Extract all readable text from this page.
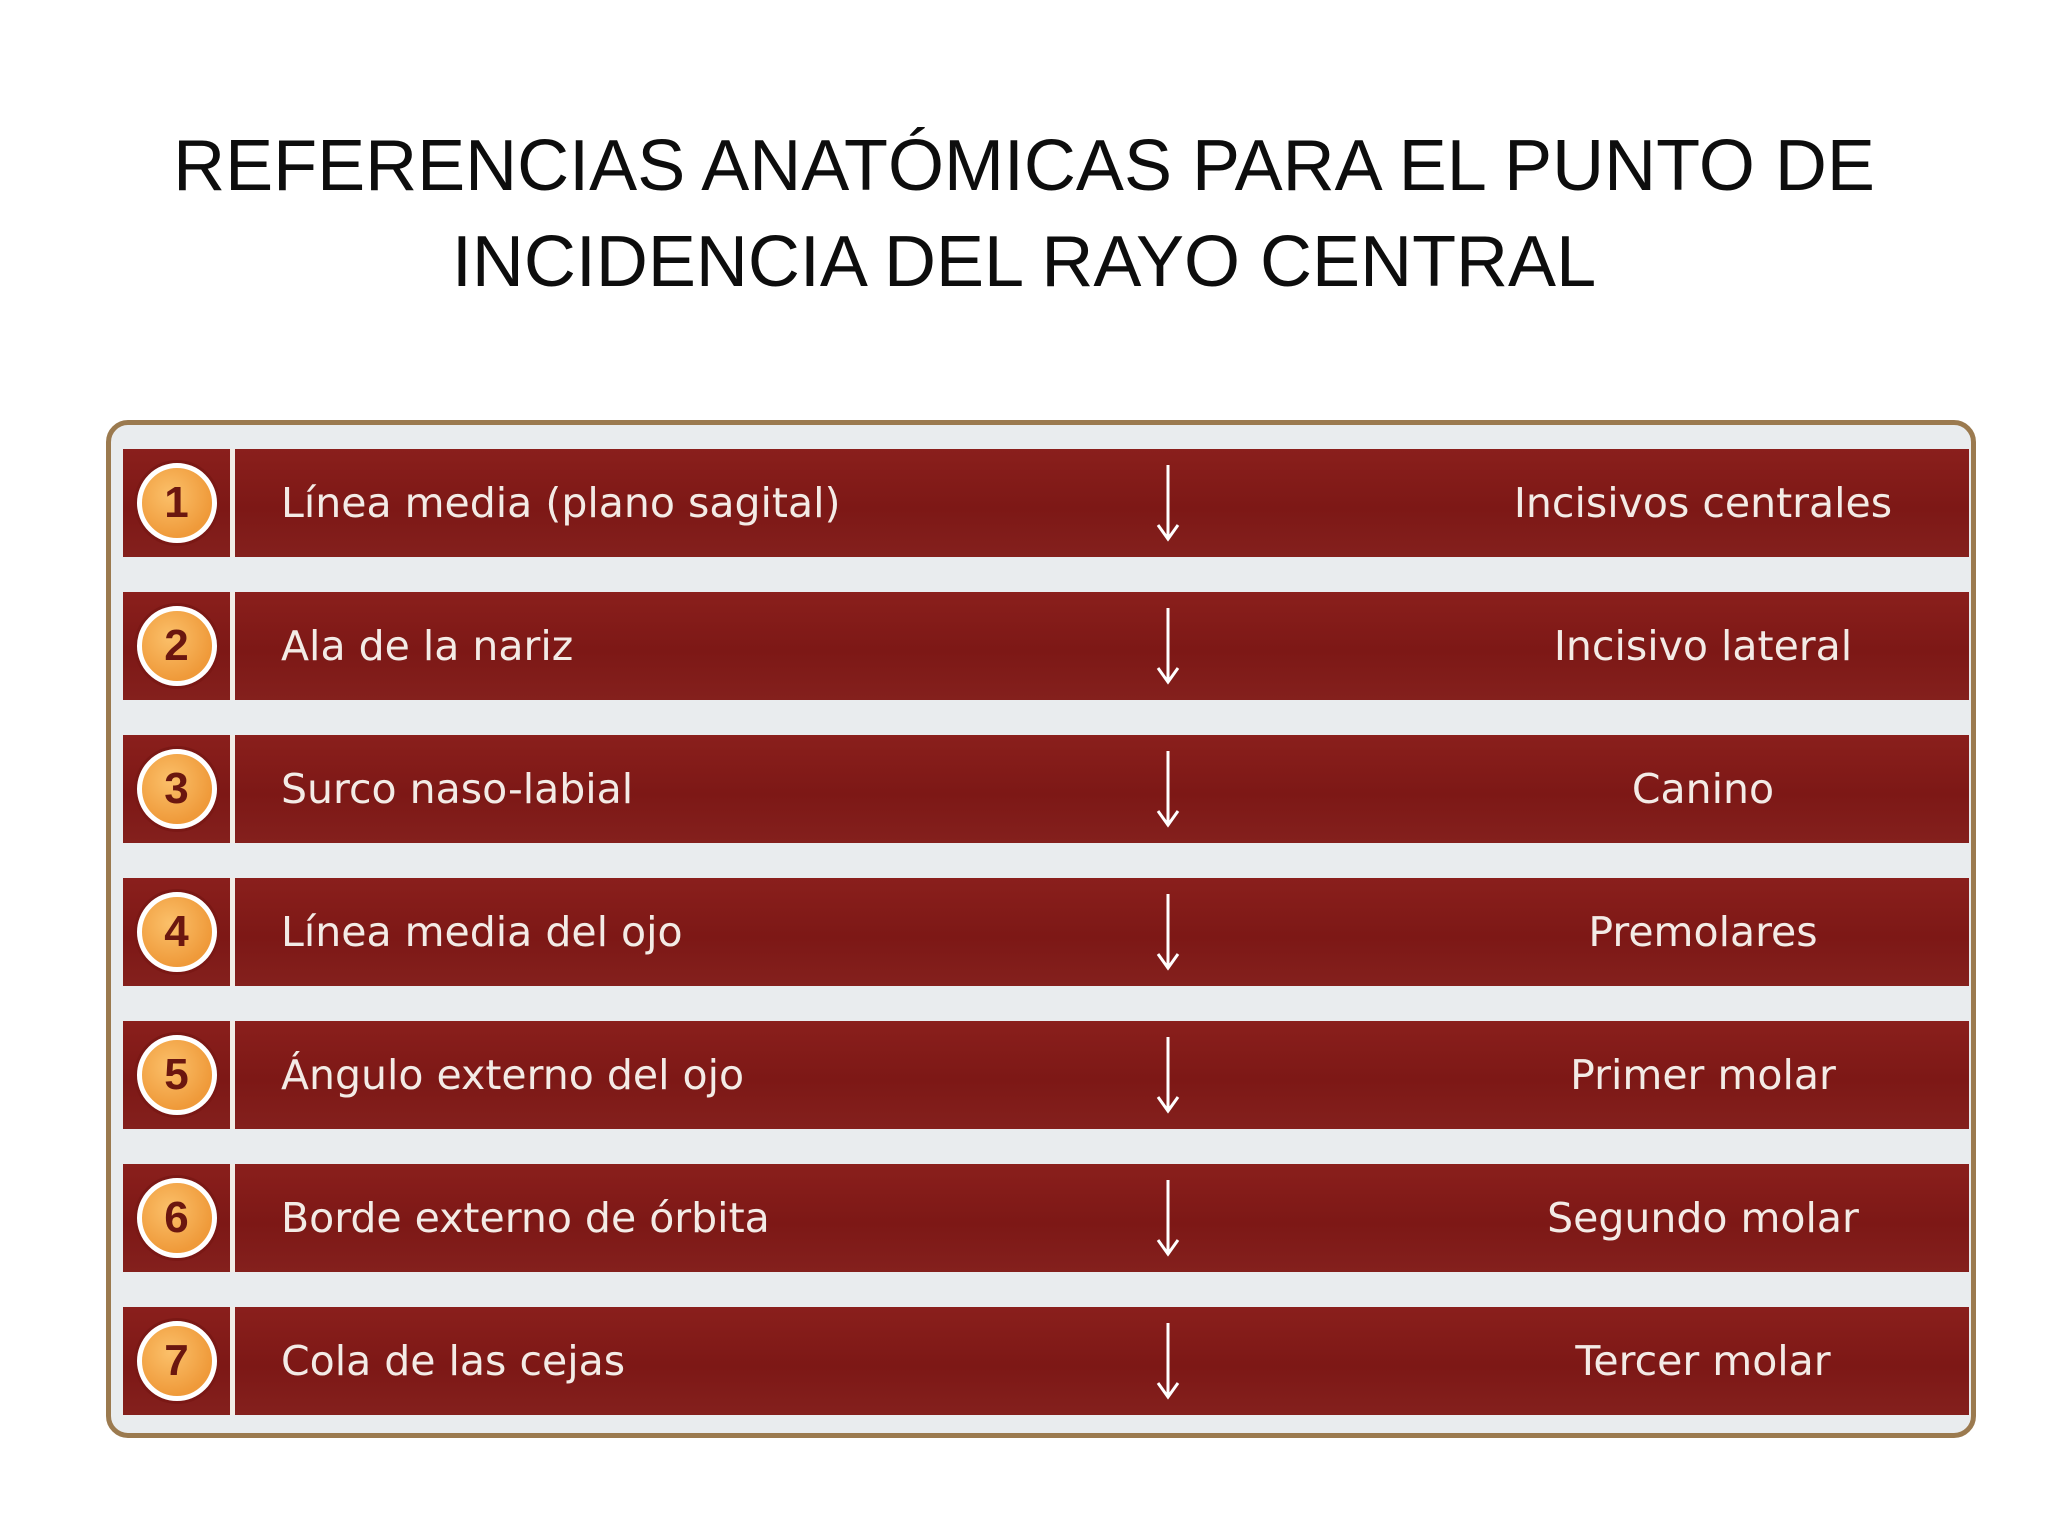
REFERENCIAS ANATÓMICAS PARA EL PUNTO DE
INCIDENCIA DEL RAYO CENTRAL
1	Línea media (plano sagital)	Incisivos centrales
2	Ala de la nariz	Incisivo lateral
3	Surco naso-labial	Canino
4	Línea media del ojo	Premolares
5	Ángulo externo del ojo	Primer molar
6	Borde externo de órbita	Segundo molar
7	Cola de las cejas	Tercer molar
